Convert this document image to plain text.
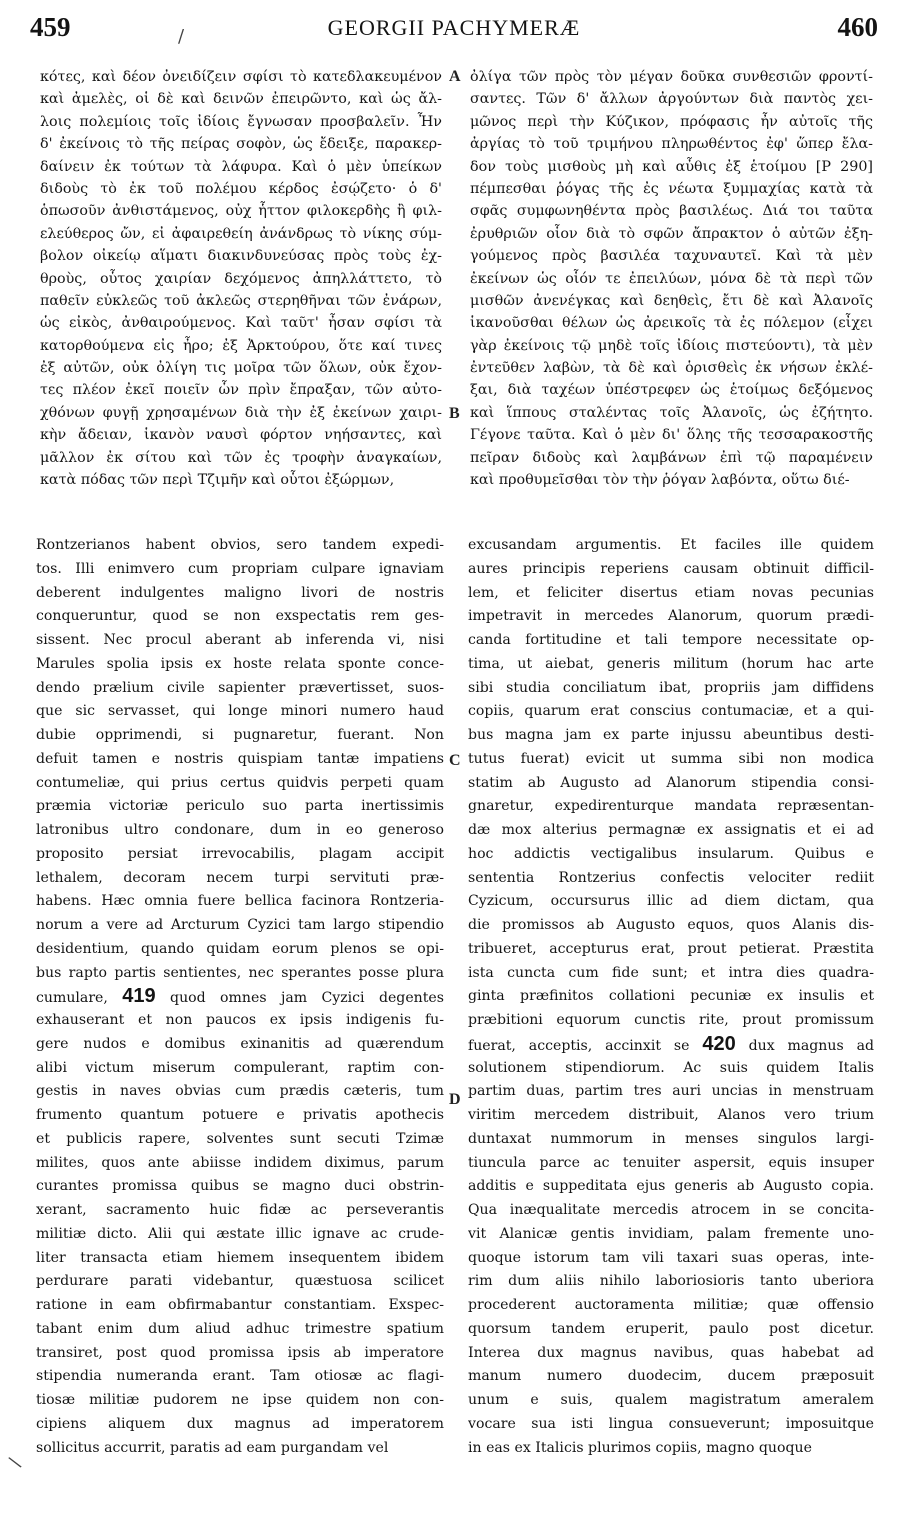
459	GEORGII PACHYMERÆ	460
/
\
κότες, καὶ δέον ὀνειδίζειν σφίσι τὸ κατεδλακευμένον
καὶ ἀμελὲς, οἱ δὲ καὶ δεινῶν ἐπειρῶντο, καὶ ὡς ἄλ-
λοις πολεμίοις τοῖς ἰδίοις ἔγνωσαν προσβαλεῖν. Ἦν
δ' ἐκείνοις τὸ τῆς πείρας σοφὸν, ὡς ἔδειξε, παρακερ-
δαίνειν ἐκ τούτων τὰ λάφυρα. Καὶ ὁ μὲν ὑπείκων
διδοὺς τὸ ἐκ τοῦ πολέμου κέρδος ἐσῴζετο· ὁ δ'
ὁπωσοῦν ἀνθιστάμενος, οὐχ ἧττον φιλοκερδὴς ἢ φιλ-
ελεύθερος ὤν, εἰ ἀφαιρεθείη ἀνάνδρως τὸ νίκης σύμ-
βολον οἰκείῳ αἵματι διακινδυνεύσας πρὸς τοὺς ἐχ-
θροὺς, οὗτος χαιρίαν δεχόμενος ἀπηλλάττετο, τὸ
παθεῖν εὐκλεῶς τοῦ ἀκλεῶς στερηθῆναι τῶν ἐνάρων,
ὡς εἰκὸς, ἀνθαιρούμενος. Καὶ ταῦτ' ἦσαν σφίσι τὰ
κατορθούμενα εἰς ἦρο; ἐξ Ἀρκτούρου, ὅτε καί τινες
ἐξ αὐτῶν, οὐκ ὀλίγη τις μοῖρα τῶν ὅλων, οὐκ ἔχον-
τες πλέον ἐκεῖ ποιεῖν ὧν πρὶν ἔπραξαν, τῶν αὐτο-
χθόνων φυγῇ χρησαμένων διὰ τὴν ἐξ ἐκείνων χαιρι-
κὴν ἄδειαν, ἱκανὸν ναυσὶ φόρτον νηήσαντες, καὶ
μᾶλλον ἐκ σίτου καὶ τῶν ἐς τροφὴν ἀναγκαίων,
κατὰ πόδας τῶν περὶ Τζιμῆν καὶ οὗτοι ἐξώρμων,
ὀλίγα τῶν πρὸς τὸν μέγαν δοῦκα συνθεσιῶν φροντί-
σαντες. Τῶν δ' ἄλλων ἀργούντων διὰ παντὸς χει-
μῶνος περὶ τὴν Κύζικον, πρόφασις ἦν αὐτοῖς τῆς
ἀργίας τὸ τοῦ τριμήνου πληρωθέντος ἐφ' ὥπερ ἔλα-
δον τοὺς μισθοὺς μὴ καὶ αὖθις ἐξ ἑτοίμου [P 290]
πέμπεσθαι ῥόγας τῆς ἐς νέωτα ξυμμαχίας κατὰ τὰ
σφᾶς συμφωνηθέντα πρὸς βασιλέως. Διά τοι ταῦτα
ἐρυθριῶν οἷον διὰ τὸ σφῶν ἄπρακτον ὁ αὐτῶν ἐξη-
γούμενος πρὸς βασιλέα ταχυναυτεῖ. Καὶ τὰ μὲν
ἐκείνων ὡς οἷόν τε ἐπειλύων, μόνα δὲ τὰ περὶ τῶν
μισθῶν ἀνενέγκας καὶ δεηθεὶς, ἔτι δὲ καὶ Ἀλανοῖς
ἱκανοῦσθαι θέλων ὡς ἀρεικοῖς τὰ ἐς πόλεμον (εἶχει
γὰρ ἐκείνοις τῷ μηδὲ τοῖς ἰδίοις πιστεύοντι), τὰ μὲν
ἐντεῦθεν λαβὼν, τὰ δὲ καὶ ὁρισθεὶς ἐκ νήσων ἐκλέ-
ξαι, διὰ ταχέων ὑπέστρεφεν ὡς ἑτοίμως δεξόμενος
καὶ ἵππους σταλέντας τοῖς Ἀλανοῖς, ὡς ἐζήτητο.
Γέγονε ταῦτα. Καὶ ὁ μὲν δι' ὅλης τῆς τεσσαρακοστῆς
πεῖραν διδοὺς καὶ λαμβάνων ἐπὶ τῷ παραμένειν
καὶ προθυμεῖσθαι τὸν τὴν ῥόγαν λαβόντα, οὕτω διέ-
Rontzerianos habent obvios, sero tandem expedi-
tos. Illi enimvero cum propriam culpare ignaviam
deberent indulgentes maligno livori de nostris
conqueruntur, quod se non exspectatis rem ges-
sissent. Nec procul aberant ab inferenda vi, nisi
Marules spolia ipsis ex hoste relata sponte conce-
dendo prælium civile sapienter prævertisset, suos-
que sic servasset, qui longe minori numero haud
dubie opprimendi, si pugnaretur, fuerant. Non
defuit tamen e nostris quispiam tantæ impatiens
contumeliæ, qui prius certus quidvis perpeti quam
præmia victoriæ periculo suo parta inertissimis
latronibus ultro condonare, dum in eo generoso
proposito persiat irrevocabilis, plagam accipit
lethalem, decoram necem turpi servituti præ-
habens. Hæc omnia fuere bellica facinora Rontzeria-
norum a vere ad Arcturum Cyzici tam largo stipendio
desidentium, quando quidam eorum plenos se opi-
bus rapto partis sentientes, nec sperantes posse plura
cumulare, 419 quod omnes jam Cyzici degentes
exhauserant et non paucos ex ipsis indigenis fu-
gere nudos e domibus exinanitis ad quærendum
alibi victum miserum compulerant, raptim con-
gestis in naves obvias cum prædis cæteris, tum
frumento quantum potuere e privatis apothecis
et publicis rapere, solventes sunt secuti Tzimæ
milites, quos ante abiisse indidem diximus, parum
curantes promissa quibus se magno duci obstrin-
xerant, sacramento huic fidæ ac perseverantis
militiæ dicto. Alii qui æstate illic ignave ac crude-
liter transacta etiam hiemem insequentem ibidem
perdurare parati videbantur, quæstuosa scilicet
ratione in eam obfirmabantur constantiam. Exspec-
tabant enim dum aliud adhuc trimestre spatium
transiret, post quod promissa ipsis ab imperatore
stipendia numeranda erant. Tam otiosæ ac flagi-
tiosæ militiæ pudorem ne ipse quidem non con-
cipiens aliquem dux magnus ad imperatorem
sollicitus accurrit, paratis ad eam purgandam vel
excusandam argumentis. Et faciles ille quidem
aures principis reperiens causam obtinuit difficil-
lem, et feliciter disertus etiam novas pecunias
impetravit in mercedes Alanorum, quorum prædi-
canda fortitudine et tali tempore necessitate op-
tima, ut aiebat, generis militum (horum hac arte
sibi studia conciliatum ibat, propriis jam diffidens
copiis, quarum erat conscius contumaciæ, et a qui-
bus magna jam ex parte injussu abeuntibus desti-
tutus fuerat) evicit ut summa sibi non modica
statim ab Augusto ad Alanorum stipendia consi-
gnaretur, expedirenturque mandata repræsentan-
dæ mox alterius permagnæ ex assignatis et ei ad
hoc addictis vectigalibus insularum. Quibus e
sententia Rontzerius confectis velociter rediit
Cyzicum, occursurus illic ad diem dictam, qua
die promissos ab Augusto equos, quos Alanis dis-
tribueret, accepturus erat, prout petierat. Præstita
ista cuncta cum fide sunt; et intra dies quadra-
ginta præfinitos collationi pecuniæ ex insulis et
præbitioni equorum cunctis rite, prout promissum
fuerat, acceptis, accinxit se 420 dux magnus ad
solutionem stipendiorum. Ac suis quidem Italis
partim duas, partim tres auri uncias in menstruam
viritim mercedem distribuit, Alanos vero trium
duntaxat nummorum in menses singulos largi-
tiuncula parce ac tenuiter aspersit, equis insuper
additis e suppeditata ejus generis ab Augusto copia.
Qua inæqualitate mercedis atrocem in se concita-
vit Alanicæ gentis invidiam, palam fremente uno-
quoque istorum tam vili taxari suas operas, inte-
rim dum aliis nihilo laboriosioris tanto uberiora
procederent auctoramenta militiæ; quæ offensio
quorsum tandem eruperit, paulo post dicetur.
Interea dux magnus navibus, quas habebat ad
manum numero duodecim, ducem præposuit
unum e suis, qualem magistratum ameralem
vocare sua isti lingua consueverunt; imposuitque
in eas ex Italicis plurimos copiis, magno quoque
A
B
C
D
